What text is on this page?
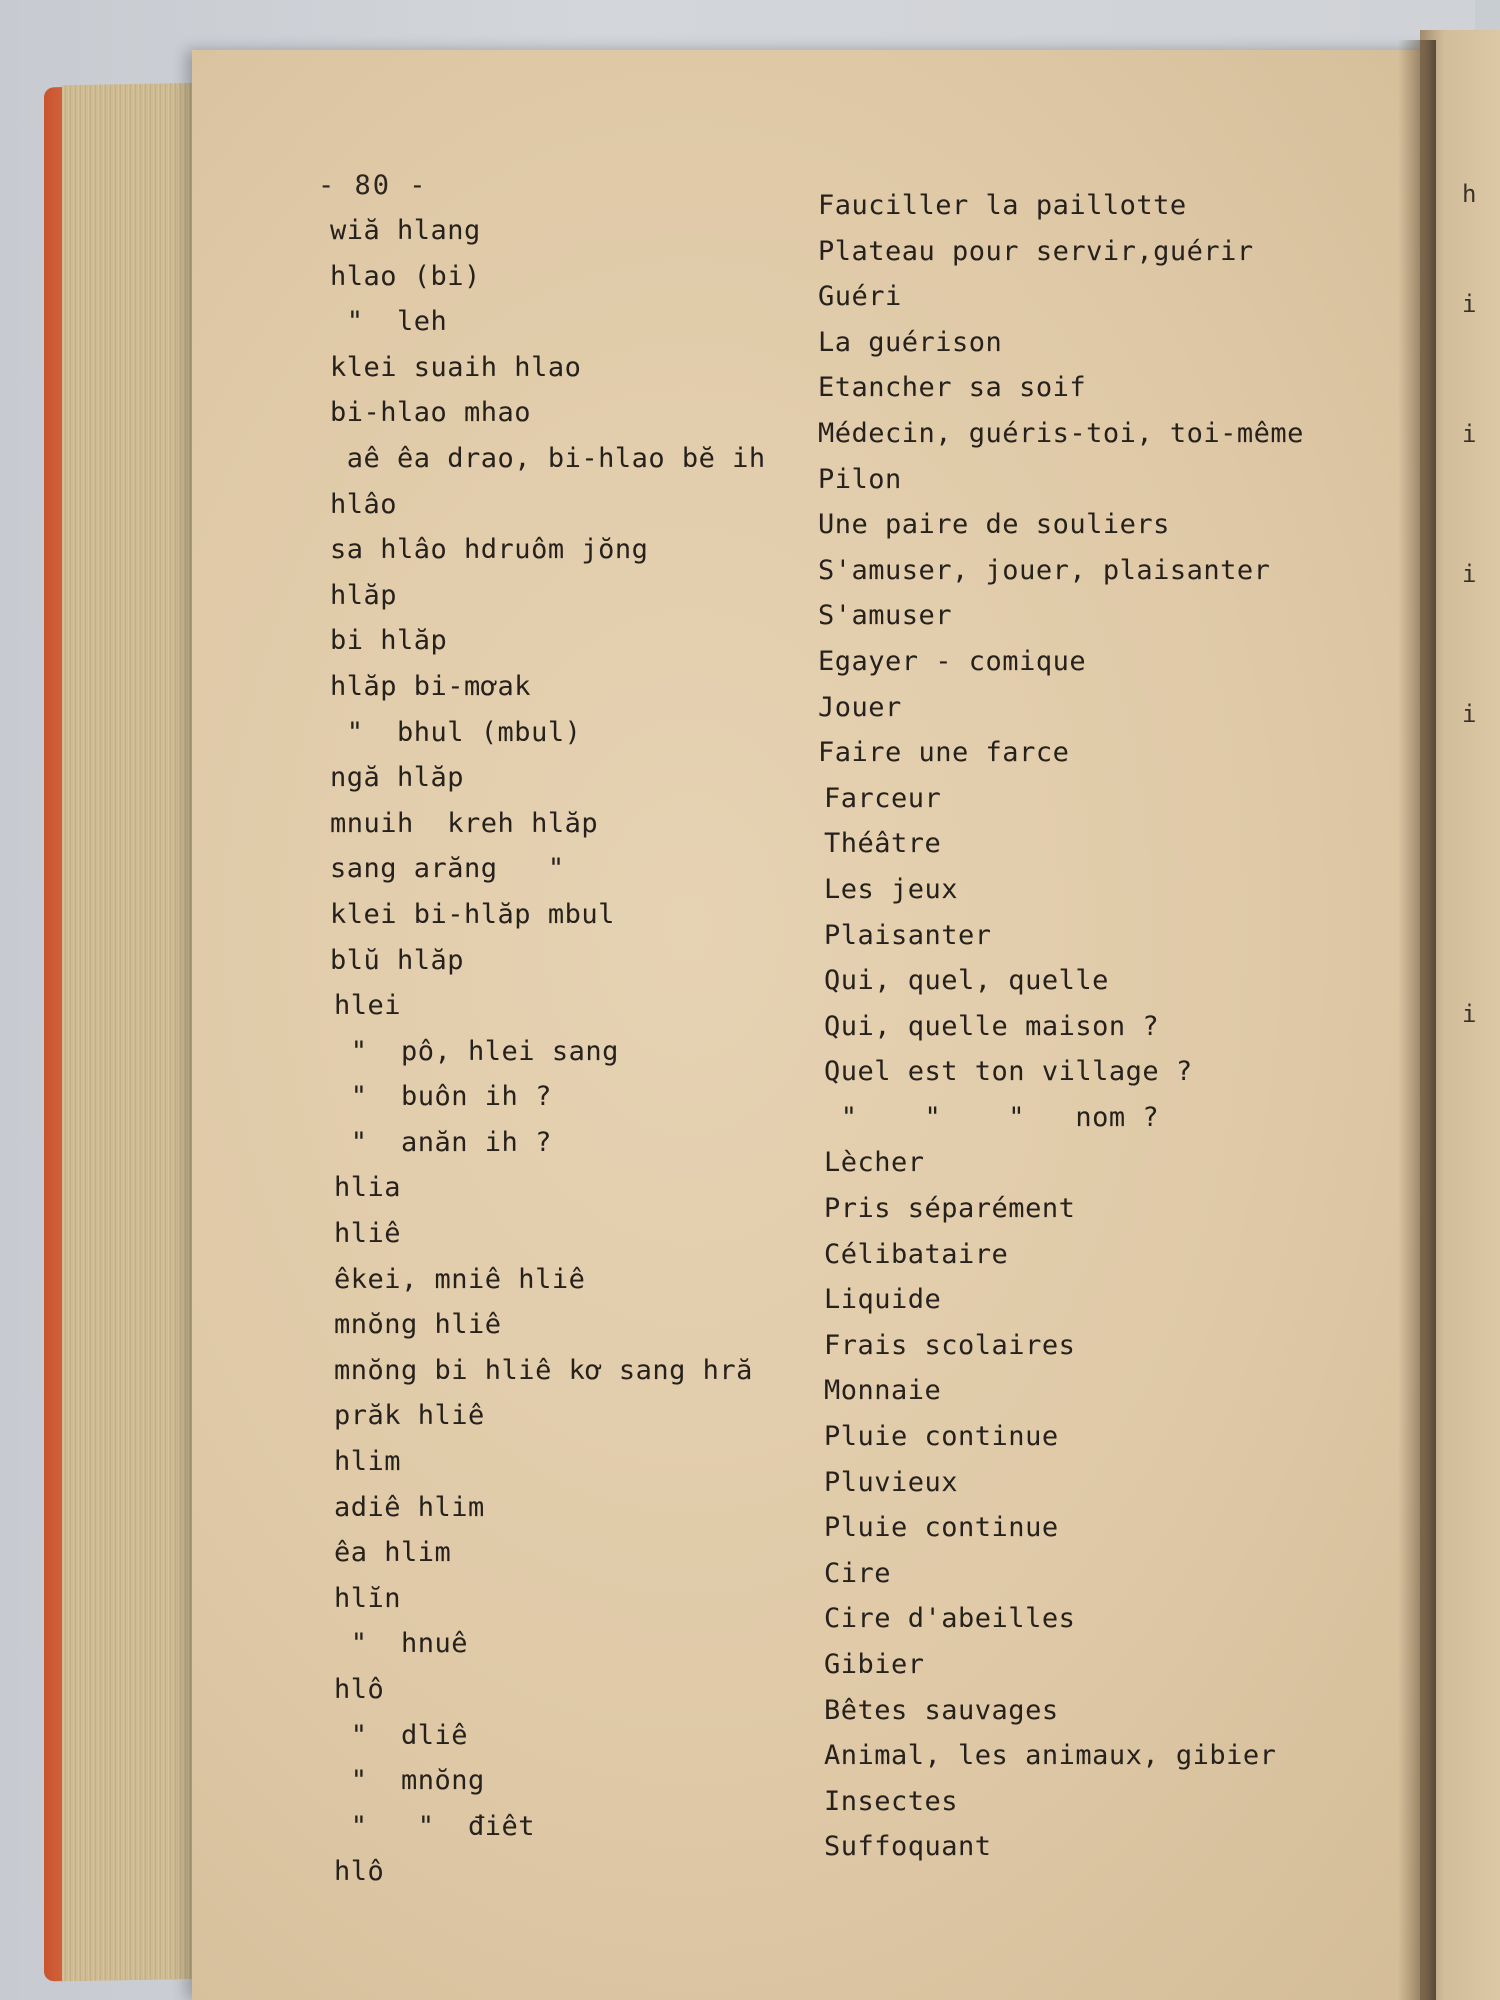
h
i
i
i
i
i
- 80 -
wiă hlang
hlao (bi)
"  leh
klei suaih hlao
bi-hlao mhao
aê êa drao, bi-hlao bĕ ih
hlâo
sa hlâo hdruôm jŏng
hlăp
bi hlăp
hlăp bi-mơak
"  bhul (mbul)
ngă hlăp
mnuih  kreh hlăp
sang arăng   "
klei bi-hlăp mbul
blŭ hlăp
hlei
"  pô, hlei sang
"  buôn ih ?
"  anăn ih ?
hlia
hliê
êkei, mniê hliê
mnŏng hliê
mnŏng bi hliê kơ sang hră
prăk hliê
hlim
adiê hlim
êa hlim
hlĭn
"  hnuê
hlô
"  dliê
"  mnŏng
"   "  điêt
hlô
Fauciller la paillotte
Plateau pour servir,guérir
Guéri
La guérison
Etancher sa soif
Médecin, guéris-toi, toi-même
Pilon
Une paire de souliers
S'amuser, jouer, plaisanter
S'amuser
Egayer - comique
Jouer
Faire une farce
Farceur
Théâtre
Les jeux
Plaisanter
Qui, quel, quelle
Qui, quelle maison ?
Quel est ton village ?
"    "    "   nom ?
Lècher
Pris séparément
Célibataire
Liquide
Frais scolaires
Monnaie
Pluie continue
Pluvieux
Pluie continue
Cire
Cire d'abeilles
Gibier
Bêtes sauvages
Animal, les animaux, gibier
Insectes
Suffoquant
